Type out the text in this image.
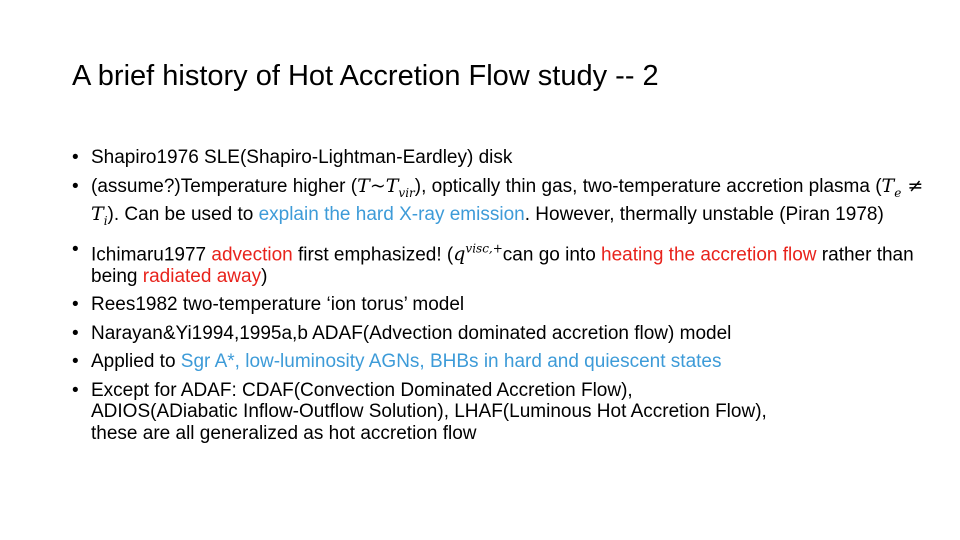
A brief history of Hot Accretion Flow study -- 2
• Shapiro1976 SLE(Shapiro-Lightman-Eardley) disk
• (assume?)Temperature higher $(T\sim T_{vir})$, optically thin gas, two-temperature accretion plasma $(T_e \ne T_i)$. Can be used to explain the hard X-ray emission. However, thermally unstable (Piran 1978)
• Ichimaru1977 advection first emphasized! ($q^{visc,+}can$ go into heating the accretion flow rather than being radiated away)
• Rees1982 two-temperature ‘ion torus’ model
• Narayan&Yi1994,1995a,b ADAF(Advection dominated accretion flow) model
• Applied to Sgr A*, low-luminosity AGNs, BHBs in hard and quiescent states
• Except for ADAF: CDAF(Convection Dominated Accretion Flow),
ADIOS(ADiabatic Inflow-Outflow Solution), LHAF(Luminous Hot Accretion Flow),
these are all generalized as hot accretion flow
